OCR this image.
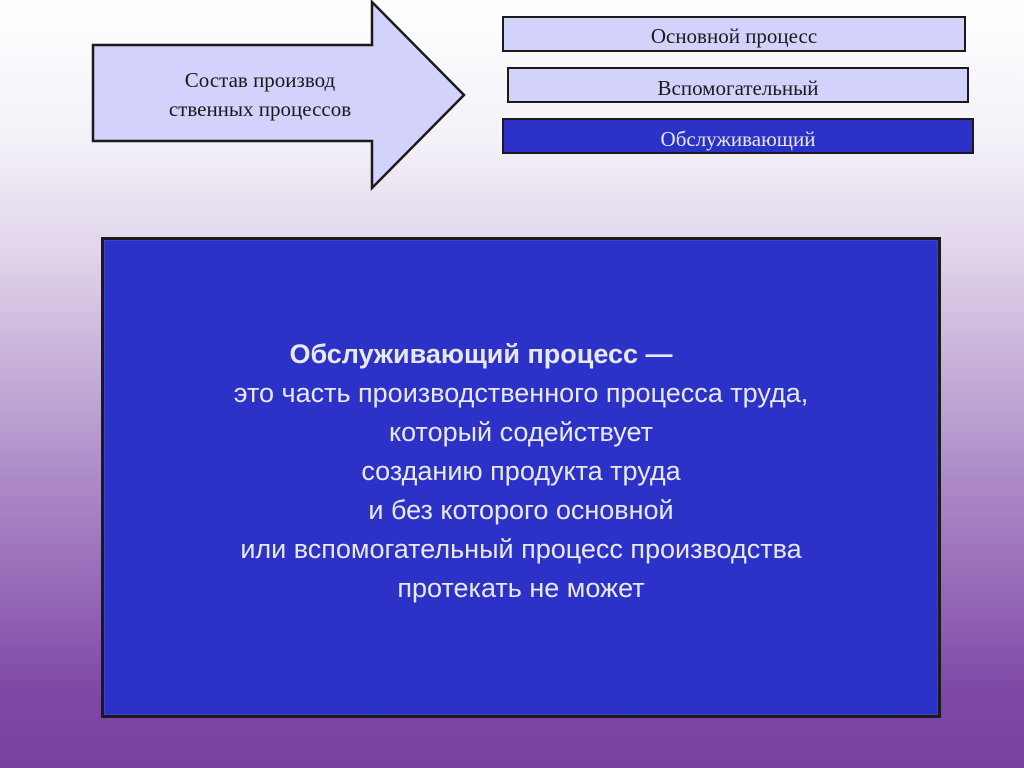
Состав производ
ственных процессов
Основной процесс
Вспомогательный
Обслуживающий
Обслуживающий процесс —
это часть производственного процесса труда,
который содействует
созданию продукта труда
и без которого основной
или вспомогательный процесс производства
протекать не может
